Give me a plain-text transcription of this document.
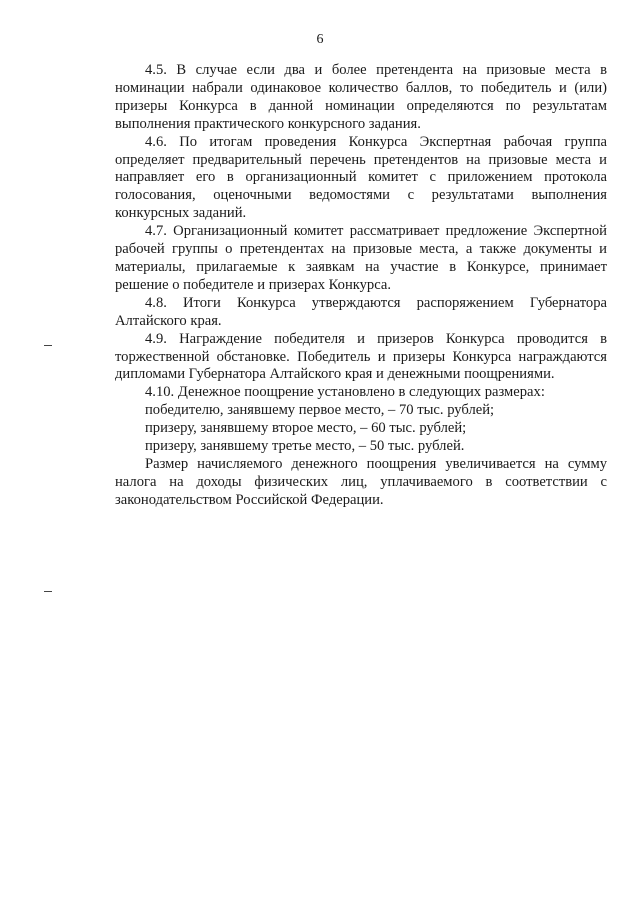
6

4.5. В случае если два и более претендента на призовые места в номинации набрали одинаковое количество баллов, то победитель и (или) призеры Конкурса в данной номинации определяются по результатам выполнения практического конкурсного задания.

4.6. По итогам проведения Конкурса Экспертная рабочая группа определяет предварительный перечень претендентов на призовые места и направляет его в организационный комитет с приложением протокола голосования, оценочными ведомостями с результатами выполнения конкурсных заданий.

4.7. Организационный комитет рассматривает предложение Экспертной рабочей группы о претендентах на призовые места, а также документы и материалы, прилагаемые к заявкам на участие в Конкурсе, принимает решение о победителе и призерах Конкурса.

4.8. Итоги Конкурса утверждаются распоряжением Губернатора Алтайского края.

4.9. Награждение победителя и призеров Конкурса проводится в торжественной обстановке. Победитель и призеры Конкурса награждаются дипломами Губернатора Алтайского края и денежными поощрениями.

4.10. Денежное поощрение установлено в следующих размерах:

победителю, занявшему первое место, – 70 тыс. рублей;

призеру, занявшему второе место, – 60 тыс. рублей;

призеру, занявшему третье место, – 50 тыс. рублей.

Размер начисляемого денежного поощрения увеличивается на сумму налога на доходы физических лиц, уплачиваемого в соответствии с законодательством Российской Федерации.
